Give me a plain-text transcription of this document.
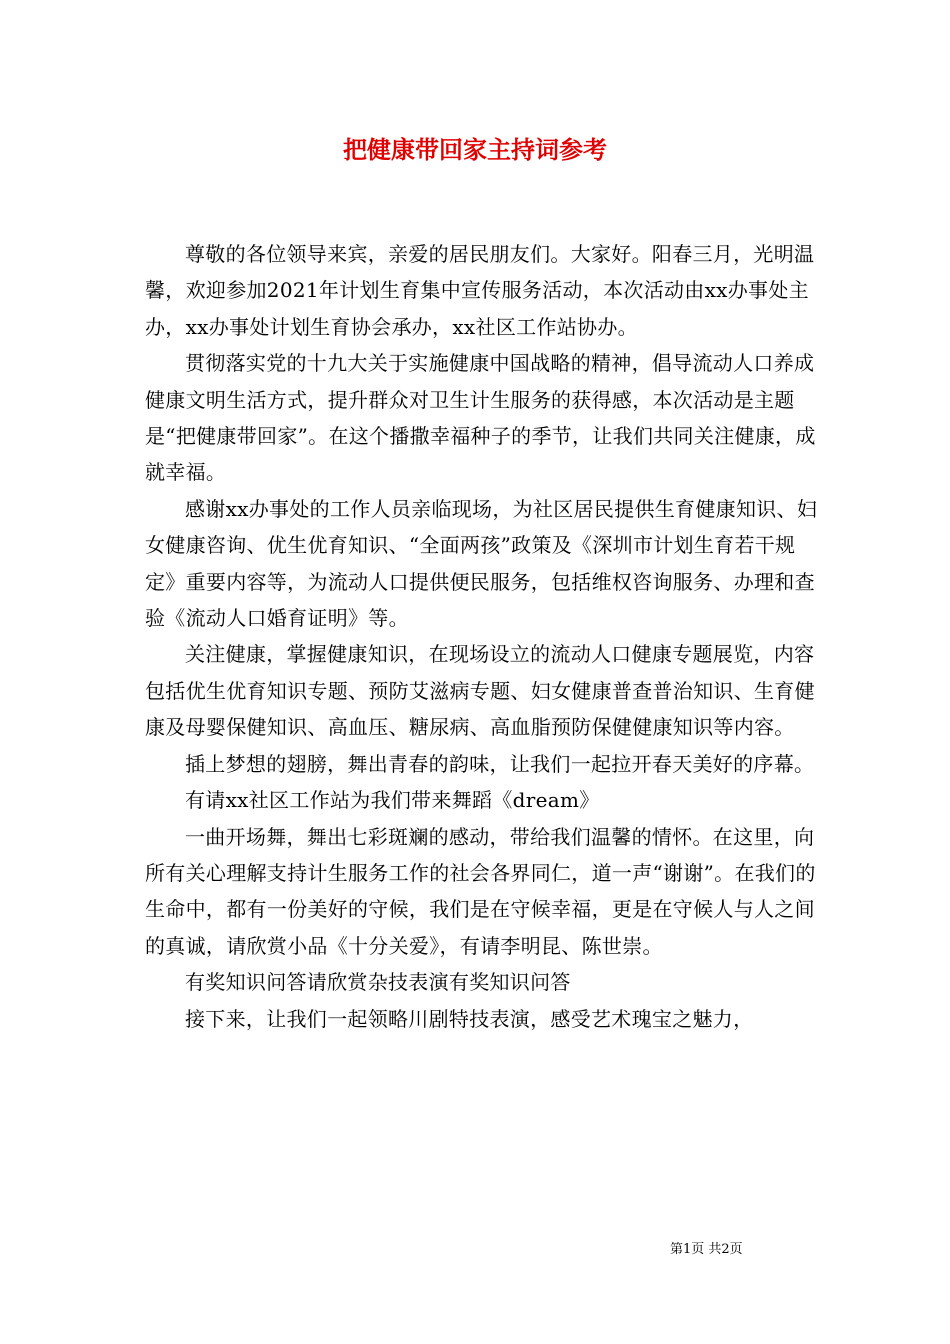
把健康带回家主持词参考

尊敬的各位领导来宾，亲爱的居民朋友们。大家好。阳春三月，光明温馨，欢迎参加2021年计划生育集中宣传服务活动，本次活动由xx办事处主办，xx办事处计划生育协会承办，xx社区工作站协办。

贯彻落实党的十九大关于实施健康中国战略的精神，倡导流动人口养成健康文明生活方式，提升群众对卫生计生服务的获得感，本次活动是主题是“把健康带回家”。在这个播撒幸福种子的季节，让我们共同关注健康，成就幸福。

感谢xx办事处的工作人员亲临现场，为社区居民提供生育健康知识、妇女健康咨询、优生优育知识、“全面两孩”政策及《深圳市计划生育若干规定》重要内容等，为流动人口提供便民服务，包括维权咨询服务、办理和查验《流动人口婚育证明》等。

关注健康，掌握健康知识，在现场设立的流动人口健康专题展览，内容包括优生优育知识专题、预防艾滋病专题、妇女健康普查普治知识、生育健康及母婴保健知识、高血压、糖尿病、高血脂预防保健健康知识等内容。

插上梦想的翅膀，舞出青春的韵味，让我们一起拉开春天美好的序幕。

有请xx社区工作站为我们带来舞蹈《dream》

一曲开场舞，舞出七彩斑斓的感动，带给我们温馨的情怀。在这里，向所有关心理解支持计生服务工作的社会各界同仁，道一声“谢谢”。在我们的生命中，都有一份美好的守候，我们是在守候幸福，更是在守候人与人之间的真诚，请欣赏小品《十分关爱》，有请李明昆、陈世崇。

有奖知识问答请欣赏杂技表演有奖知识问答

接下来，让我们一起领略川剧特技表演，感受艺术瑰宝之魅力，

第1页 共2页
